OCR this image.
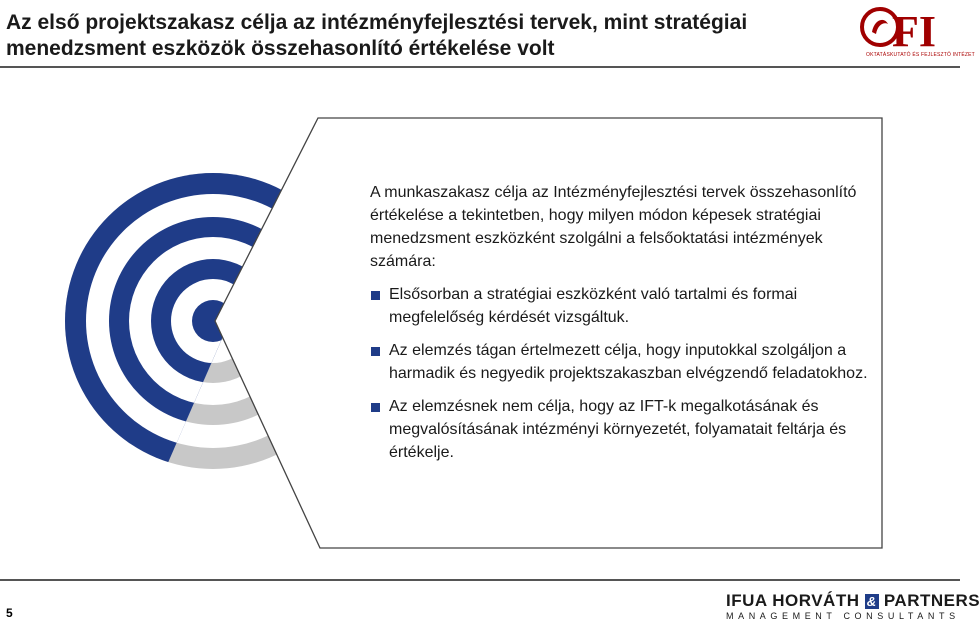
Az első projektszakasz célja az intézményfejlesztési tervek, mint stratégiai menedzsment eszközök összehasonlító értékelése volt	FI
OKTATÁSKUTATÓ ÉS FEJLESZTŐ INTÉZET

A munkaszakasz célja az Intézményfejlesztési tervek összehasonlító értékelése a tekintetben, hogy milyen módon képesek stratégiai menedzsment eszközként szolgálni a felsőoktatási intézmények számára:

Elsősorban a stratégiai eszközként való tartalmi és formai megfelelőség kérdését vizsgáltuk.
Az elemzés tágan értelmezett célja, hogy inputokkal szolgáljon a harmadik és negyedik projektszakaszban elvégzendő feladatokhoz.
Az elemzésnek nem célja, hogy az IFT-k megalkotásának és megvalósításának intézményi környezetét, folyamatait feltárja és értékelje.
5
IFUA HORVÁTH & PARTNERS
MANAGEMENT CONSULTANTS
